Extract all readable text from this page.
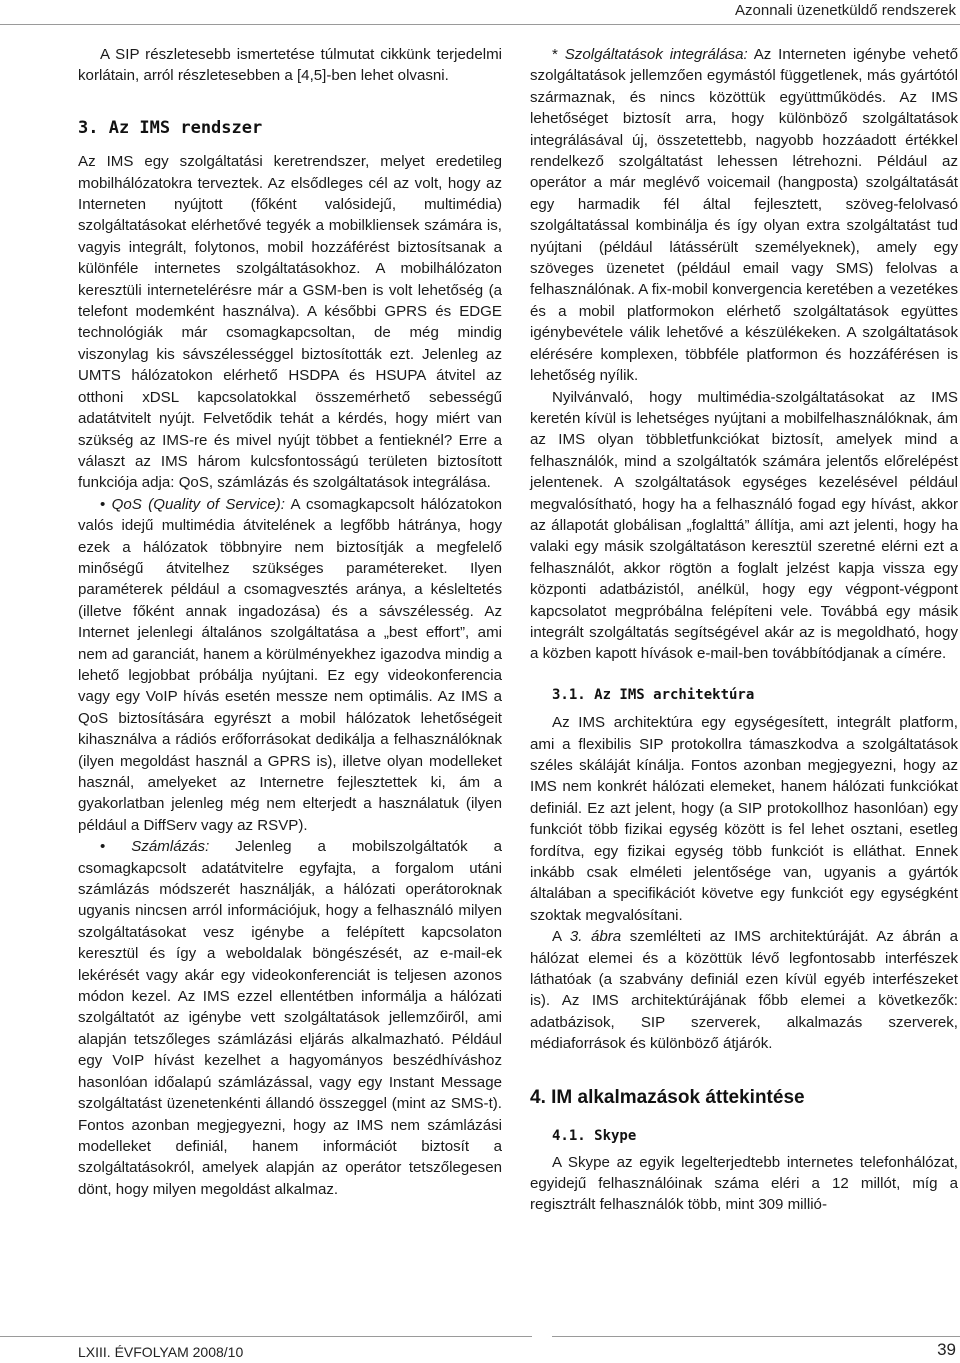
Azonnali üzenetküldő rendszerek

A SIP részletesebb ismertetése túlmutat cikkünk terjedelmi korlátain, arról részletesebben a [4,5]-ben lehet olvasni.

3. Az IMS rendszer

Az IMS egy szolgáltatási keretrendszer, melyet eredetileg mobilhálózatokra terveztek. Az elsődleges cél az volt, hogy az Interneten nyújtott (főként valósidejű, multimédia) szolgáltatásokat elérhetővé tegyék a mobilkliensek számára is, vagyis integrált, folytonos, mobil hozzáférést biztosítsanak a különféle internetes szolgáltatásokhoz. A mobilhálózaton keresztüli internetelérésre már a GSM-ben is volt lehetőség (a telefont modemként használva). A későbbi GPRS és EDGE technológiák már csomagkapcsoltan, de még mindig viszonylag kis sávszélességgel biztosították ezt. Jelenleg az UMTS hálózatokon elérhető HSDPA és HSUPA átvitel az otthoni xDSL kapcsolatokkal összemérhető sebességű adatátvitelt nyújt. Felvetődik tehát a kérdés, hogy miért van szükség az IMS-re és mivel nyújt többet a fentieknél? Erre a választ az IMS három kulcsfontosságú területen biztosított funkciója adja: QoS, számlázás és szolgáltatások integrálása.

• QoS (Quality of Service): A csomagkapcsolt hálózatokon valós idejű multimédia átvitelének a legfőbb hátránya, hogy ezek a hálózatok többnyire nem biztosítják a megfelelő minőségű átvitelhez szükséges paramétereket. Ilyen paraméterek például a csomagvesztés aránya, a késleltetés (illetve főként annak ingadozása) és a sávszélesség. Az Internet jelenlegi általános szolgáltatása a „best effort”, ami nem ad garanciát, hanem a körülményekhez igazodva mindig a lehető legjobbat próbálja nyújtani. Ez egy videokonferencia vagy egy VoIP hívás esetén messze nem optimális. Az IMS a QoS biztosítására egyrészt a mobil hálózatok lehetőségeit kihasználva a rádiós erőforrásokat dedikálja a felhasználóknak (ilyen megoldást használ a GPRS is), illetve olyan modelleket használ, amelyeket az Internetre fejlesztettek ki, ám a gyakorlatban jelenleg még nem elterjedt a használatuk (ilyen például a DiffServ vagy az RSVP).

• Számlázás: Jelenleg a mobilszolgáltatók a csomagkapcsolt adatátvitelre egyfajta, a forgalom utáni számlázás módszerét használják, a hálózati operátoroknak ugyanis nincsen arról információjuk, hogy a felhasználó milyen szolgáltatásokat vesz igénybe a felépített kapcsolaton keresztül és így a weboldalak böngészését, az e-mail-ek lekérését vagy akár egy videokonferenciát is teljesen azonos módon kezel. Az IMS ezzel ellentétben informálja a hálózati szolgáltatót az igénybe vett szolgáltatások jellemzőiről, ami alapján tetszőleges számlázási eljárás alkalmazható. Például egy VoIP hívást kezelhet a hagyományos beszédhíváshoz hasonlóan időalapú számlázással, vagy egy Instant Message szolgáltatást üzenetenkénti állandó összeggel (mint az SMS-t). Fontos azonban megjegyezni, hogy az IMS nem számlázási modelleket definiál, hanem információt biztosít a szolgáltatásokról, amelyek alapján az operátor tetszőlegesen dönt, hogy milyen megoldást alkalmaz.

* Szolgáltatások integrálása: Az Interneten igénybe vehető szolgáltatások jellemzően egymástól függetlenek, más gyártótól származnak, és nincs közöttük együttműködés. Az IMS lehetőséget biztosít arra, hogy különböző szolgáltatások integrálásával új, összetettebb, nagyobb hozzáadott értékkel rendelkező szolgáltatást lehessen létrehozni. Például az operátor a már meglévő voicemail (hangposta) szolgáltatását egy harmadik fél által fejlesztett, szöveg-felolvasó szolgáltatással kombinálja és így olyan extra szolgáltatást tud nyújtani (például látássérült személyeknek), amely egy szöveges üzenetet (például email vagy SMS) felolvas a felhasználónak. A fix-mobil konvergencia keretében a vezetékes és a mobil platformokon elérhető szolgáltatások együttes igénybevétele válik lehetővé a készülékeken. A szolgáltatások elérésére komplexen, többféle platformon és hozzáférésen is lehetőség nyílik.

Nyilvánvaló, hogy multimédia-szolgáltatásokat az IMS keretén kívül is lehetséges nyújtani a mobilfelhasználóknak, ám az IMS olyan többletfunkciókat biztosít, amelyek mind a felhasználók, mind a szolgáltatók számára jelentős előrelépést jelentenek. A szolgáltatások egységes kezelésével például megvalósítható, hogy ha a felhasználó fogad egy hívást, akkor az állapotát globálisan „foglalttá” állítja, ami azt jelenti, hogy ha valaki egy másik szolgáltatáson keresztül szeretné elérni ezt a felhasználót, akkor rögtön a foglalt jelzést kapja vissza egy központi adatbázistól, anélkül, hogy egy végpont-végpont kapcsolatot megpróbálna felépíteni vele. Továbbá egy másik integrált szolgáltatás segítségével akár az is megoldható, hogy a közben kapott hívások e-mail-ben továbbítódjanak a címére.

3.1. Az IMS architektúra

Az IMS architektúra egy egységesített, integrált platform, ami a flexibilis SIP protokollra támaszkodva a szolgáltatások széles skáláját kínálja. Fontos azonban megjegyezni, hogy az IMS nem konkrét hálózati elemeket, hanem hálózati funkciókat definiál. Ez azt jelent, hogy (a SIP protokollhoz hasonlóan) egy funkciót több fizikai egység között is fel lehet osztani, esetleg fordítva, egy fizikai egység több funkciót is elláthat. Ennek inkább csak elméleti jelentősége van, ugyanis a gyártók általában a specifikációt követve egy funkciót egy egységként szoktak megvalósítani.

A 3. ábra szemlélteti az IMS architektúráját. Az ábrán a hálózat elemei és a közöttük lévő legfontosabb interfészek láthatóak (a szabvány definiál ezen kívül egyéb interfészeket is). Az IMS architektúrájának főbb elemei a következők: adatbázisok, SIP szerverek, alkalmazás szerverek, médiaforrások és különböző átjárók.

4. IM alkalmazások áttekintése
4.1. Skype

A Skype az egyik legelterjedtebb internetes telefonhálózat, egyidejű felhasználóinak száma eléri a 12 millót, míg a regisztrált felhasználók több, mint 309 millió-

LXIII. ÉVFOLYAM 2008/10	39
